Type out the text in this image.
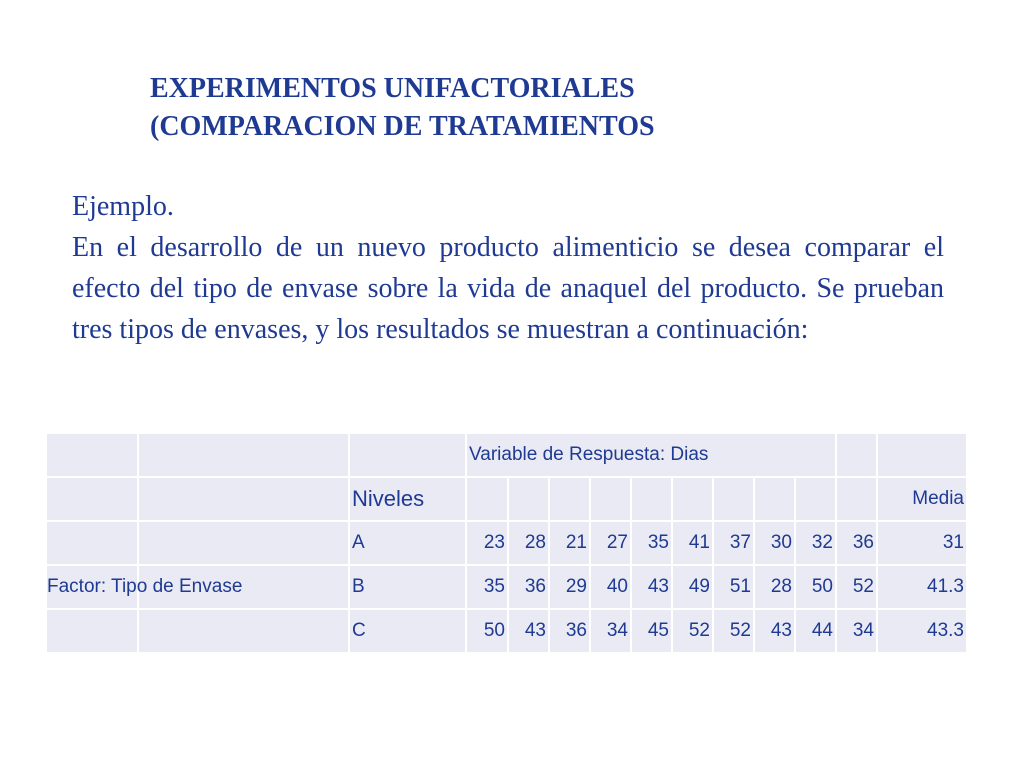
EXPERIMENTOS UNIFACTORIALES
(COMPARACION DE TRATAMIENTOS
Ejemplo.
En el desarrollo de un nuevo producto alimenticio se desea comparar el efecto del tipo de envase sobre la vida de anaquel del producto. Se prueban tres tipos de envases, y los resultados se muestran a continuación:
			Variable de Respuesta: Dias										
		Niveles											Media
		A	23	28	21	27	35	41	37	30	32	36	31

Factor: Tipo de Envase		B	35	36	29	40	43	49	51	28	50	52	41.3
		C	50	43	36	34	45	52	52	43	44	34	43.3
